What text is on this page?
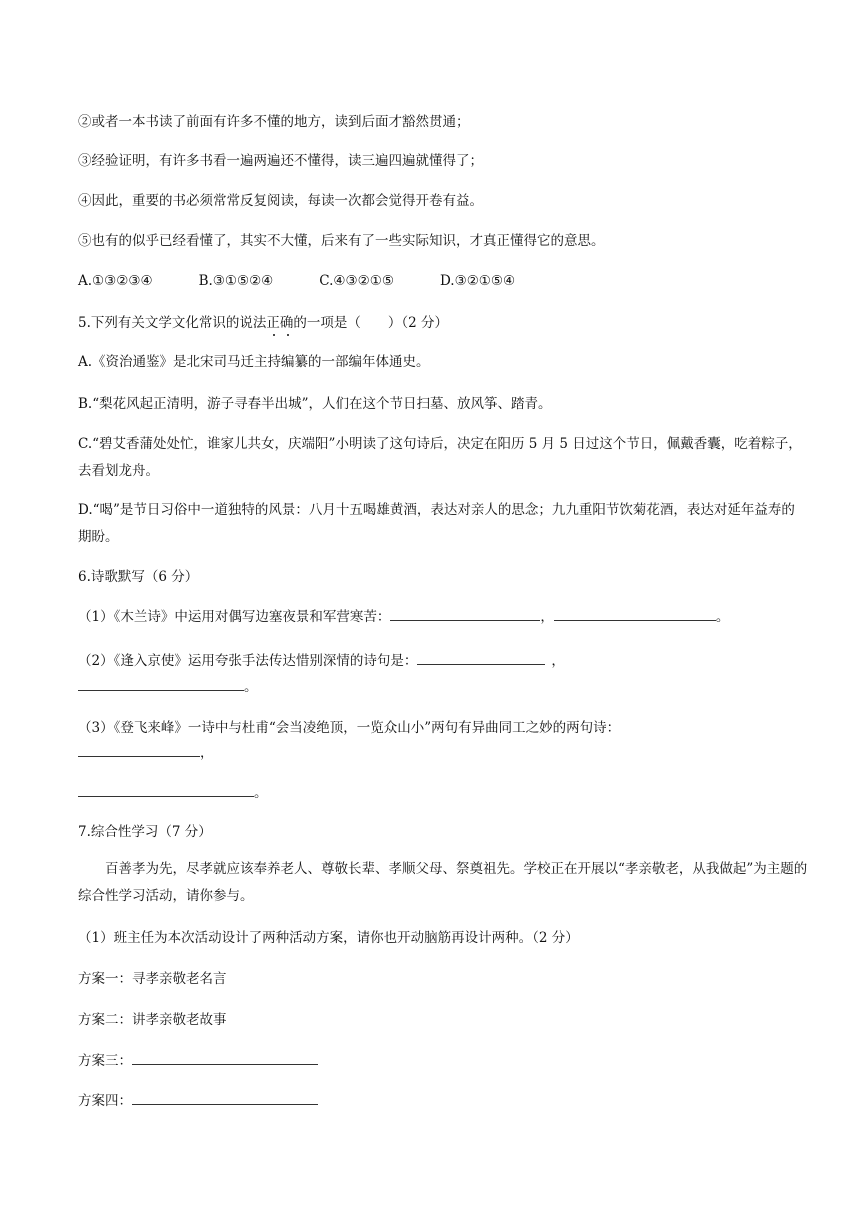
②或者一本书读了前面有许多不懂的地方，读到后面才豁然贯通；
③经验证明，有许多书看一遍两遍还不懂得，读三遍四遍就懂得了；
④因此，重要的书必须常常反复阅读，每读一次都会觉得开卷有益。
⑤也有的似乎已经看懂了，其实不大懂，后来有了一些实际知识，才真正懂得它的意思。
A.①③②③④	B.③①⑤②④	C.④③②①⑤	D.③②①⑤④
5.下列有关文学文化常识的说法正确的一项是（　　）（2 分）
A.《资治通鉴》是北宋司马迁主持编纂的一部编年体通史。
B.“梨花风起正清明，游子寻春半出城”，人们在这个节日扫墓、放风筝、踏青。
C.“碧艾香蒲处处忙，谁家儿共女，庆端阳”小明读了这句诗后，决定在阳历 5 月 5 日过这个节日，佩戴香囊，吃着粽子，去看划龙舟。
D.“喝”是节日习俗中一道独特的风景：八月十五喝雄黄酒，表达对亲人的思念；九九重阳节饮菊花酒，表达对延年益寿的期盼。
6.诗歌默写（6 分）
（1）《木兰诗》中运用对偶写边塞夜景和军营寒苦：	，	。
（2）《逢入京使》运用夸张手法传达惜别深情的诗句是：	，
。
（3）《登飞来峰》一诗中与杜甫“会当凌绝顶，一览众山小”两句有异曲同工之妙的两句诗：
，
。
7.综合性学习（7 分）
百善孝为先，尽孝就应该奉养老人、尊敬长辈、孝顺父母、祭奠祖先。学校正在开展以“孝亲敬老，从我做起”为主题的综合性学习活动，请你参与。
（1）班主任为本次活动设计了两种活动方案，请你也开动脑筋再设计两种。（2 分）
方案一：寻孝亲敬老名言
方案二：讲孝亲敬老故事
方案三：
方案四：
